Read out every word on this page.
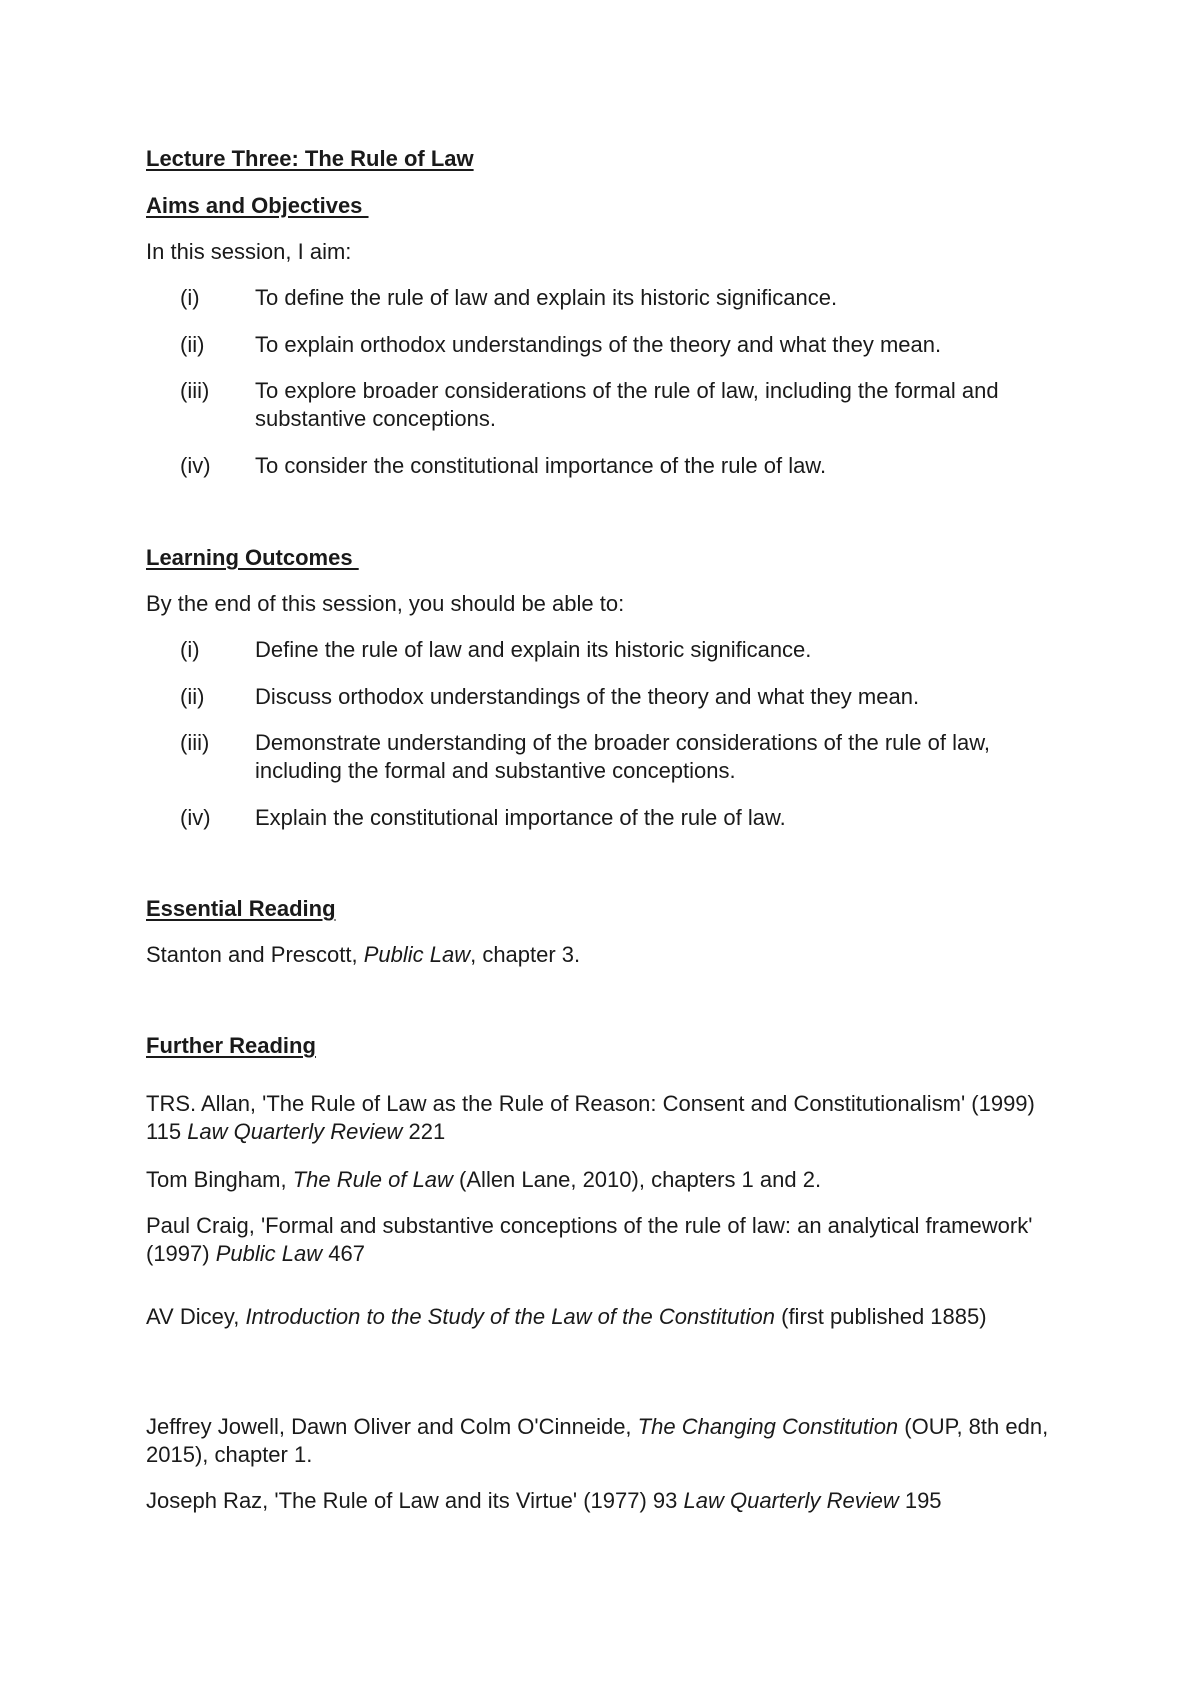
Lecture Three: The Rule of Law
Aims and Objectives
In this session, I aim:
(i)	To define the rule of law and explain its historic significance.
(ii) To explain orthodox understandings of the theory and what they mean.
(iii) To explore broader considerations of the rule of law, including the formal and substantive conceptions.
(iv) To consider the constitutional importance of the rule of law.
Learning Outcomes
By the end of this session, you should be able to:
(i)	Define the rule of law and explain its historic significance.
(ii) Discuss orthodox understandings of the theory and what they mean.
(iii) Demonstrate understanding of the broader considerations of the rule of law, including the formal and substantive conceptions.
(iv) Explain the constitutional importance of the rule of law.
Essential Reading
Stanton and Prescott, Public Law, chapter 3.
Further Reading
TRS. Allan, 'The Rule of Law as the Rule of Reason: Consent and Constitutionalism' (1999) 115 Law Quarterly Review 221
Tom Bingham, The Rule of Law (Allen Lane, 2010), chapters 1 and 2.
Paul Craig, 'Formal and substantive conceptions of the rule of law: an analytical framework' (1997) Public Law 467
AV Dicey, Introduction to the Study of the Law of the Constitution (first published 1885)
Jeffrey Jowell, Dawn Oliver and Colm O'Cinneide, The Changing Constitution (OUP, 8th edn, 2015), chapter 1.
Joseph Raz, 'The Rule of Law and its Virtue' (1977) 93 Law Quarterly Review 195
